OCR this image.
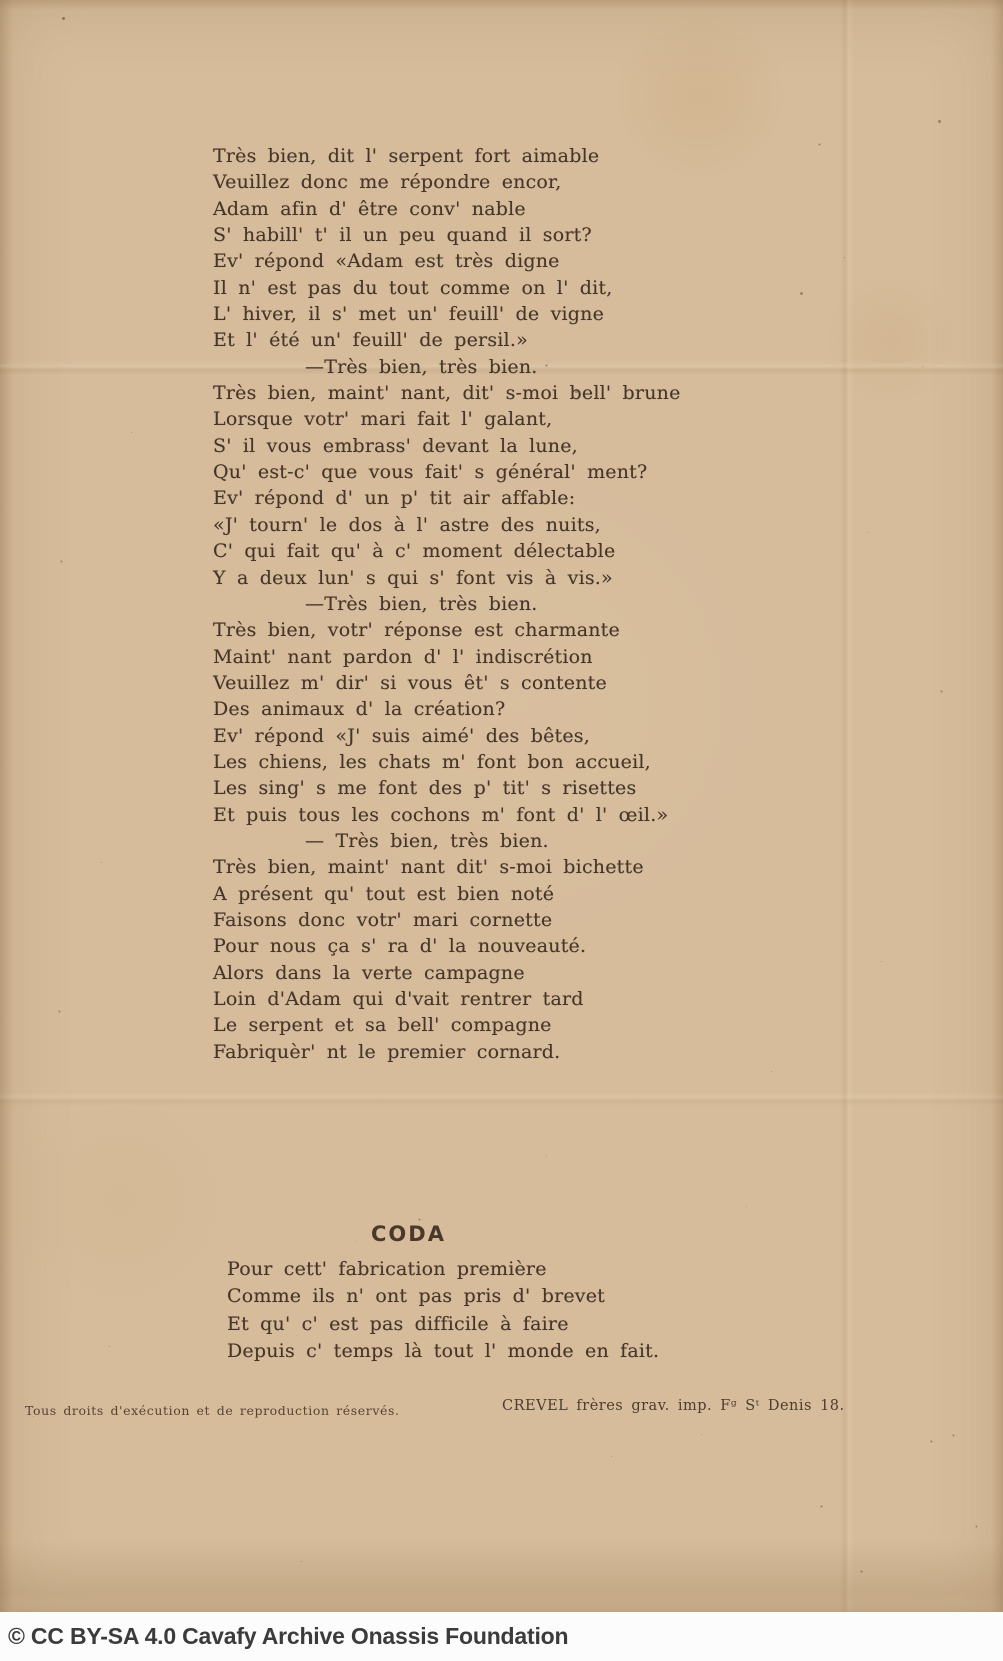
Très bien, dit l' serpent fort aimable
Veuillez donc me répondre encor,
Adam afin d' être conv' nable
S' habill' t' il un peu quand il sort?
Ev' répond «Adam est très digne
Il n' est pas du tout comme on l' dit,
L' hiver, il s' met un' feuill' de vigne
Et l' été un' feuill' de persil.»
—Très bien, très bien.
Très bien, maint' nant, dit' s-moi bell' brune
Lorsque votr' mari fait l' galant,
S' il vous embrass' devant la lune,
Qu' est-c' que vous fait' s général' ment?
Ev' répond d' un p' tit air affable:
«J' tourn' le dos à l' astre des nuits,
C' qui fait qu' à c' moment délectable
Y a deux lun' s qui s' font vis à vis.»
—Très bien, très bien.
Très bien, votr' réponse est charmante
Maint' nant pardon d' l' indiscrétion
Veuillez m' dir' si vous êt' s contente
Des animaux d' la création?
Ev' répond «J' suis aimé' des bêtes,
Les chiens, les chats m' font bon accueil,
Les sing' s me font des p' tit' s risettes
Et puis tous les cochons m' font d' l' œil.»
— Très bien, très bien.
Très bien, maint' nant dit' s-moi bichette
A présent qu' tout est bien noté
Faisons donc votr' mari cornette
Pour nous ça s' ra d' la nouveauté.
Alors dans la verte campagne
Loin d'Adam qui d'vait rentrer tard
Le serpent et sa bell' compagne
Fabriquèr' nt le premier cornard.
CODA
Pour cett' fabrication première
Comme ils n' ont pas pris d' brevet
Et qu' c' est pas difficile à faire
Depuis c' temps là tout l' monde en fait.
Tous droits d'exécution et de reproduction réservés.	CREVEL frères grav. imp. Fᵍ Sᵗ Denis 18.
© CC BY-SA 4.0 Cavafy Archive Onassis Foundation
